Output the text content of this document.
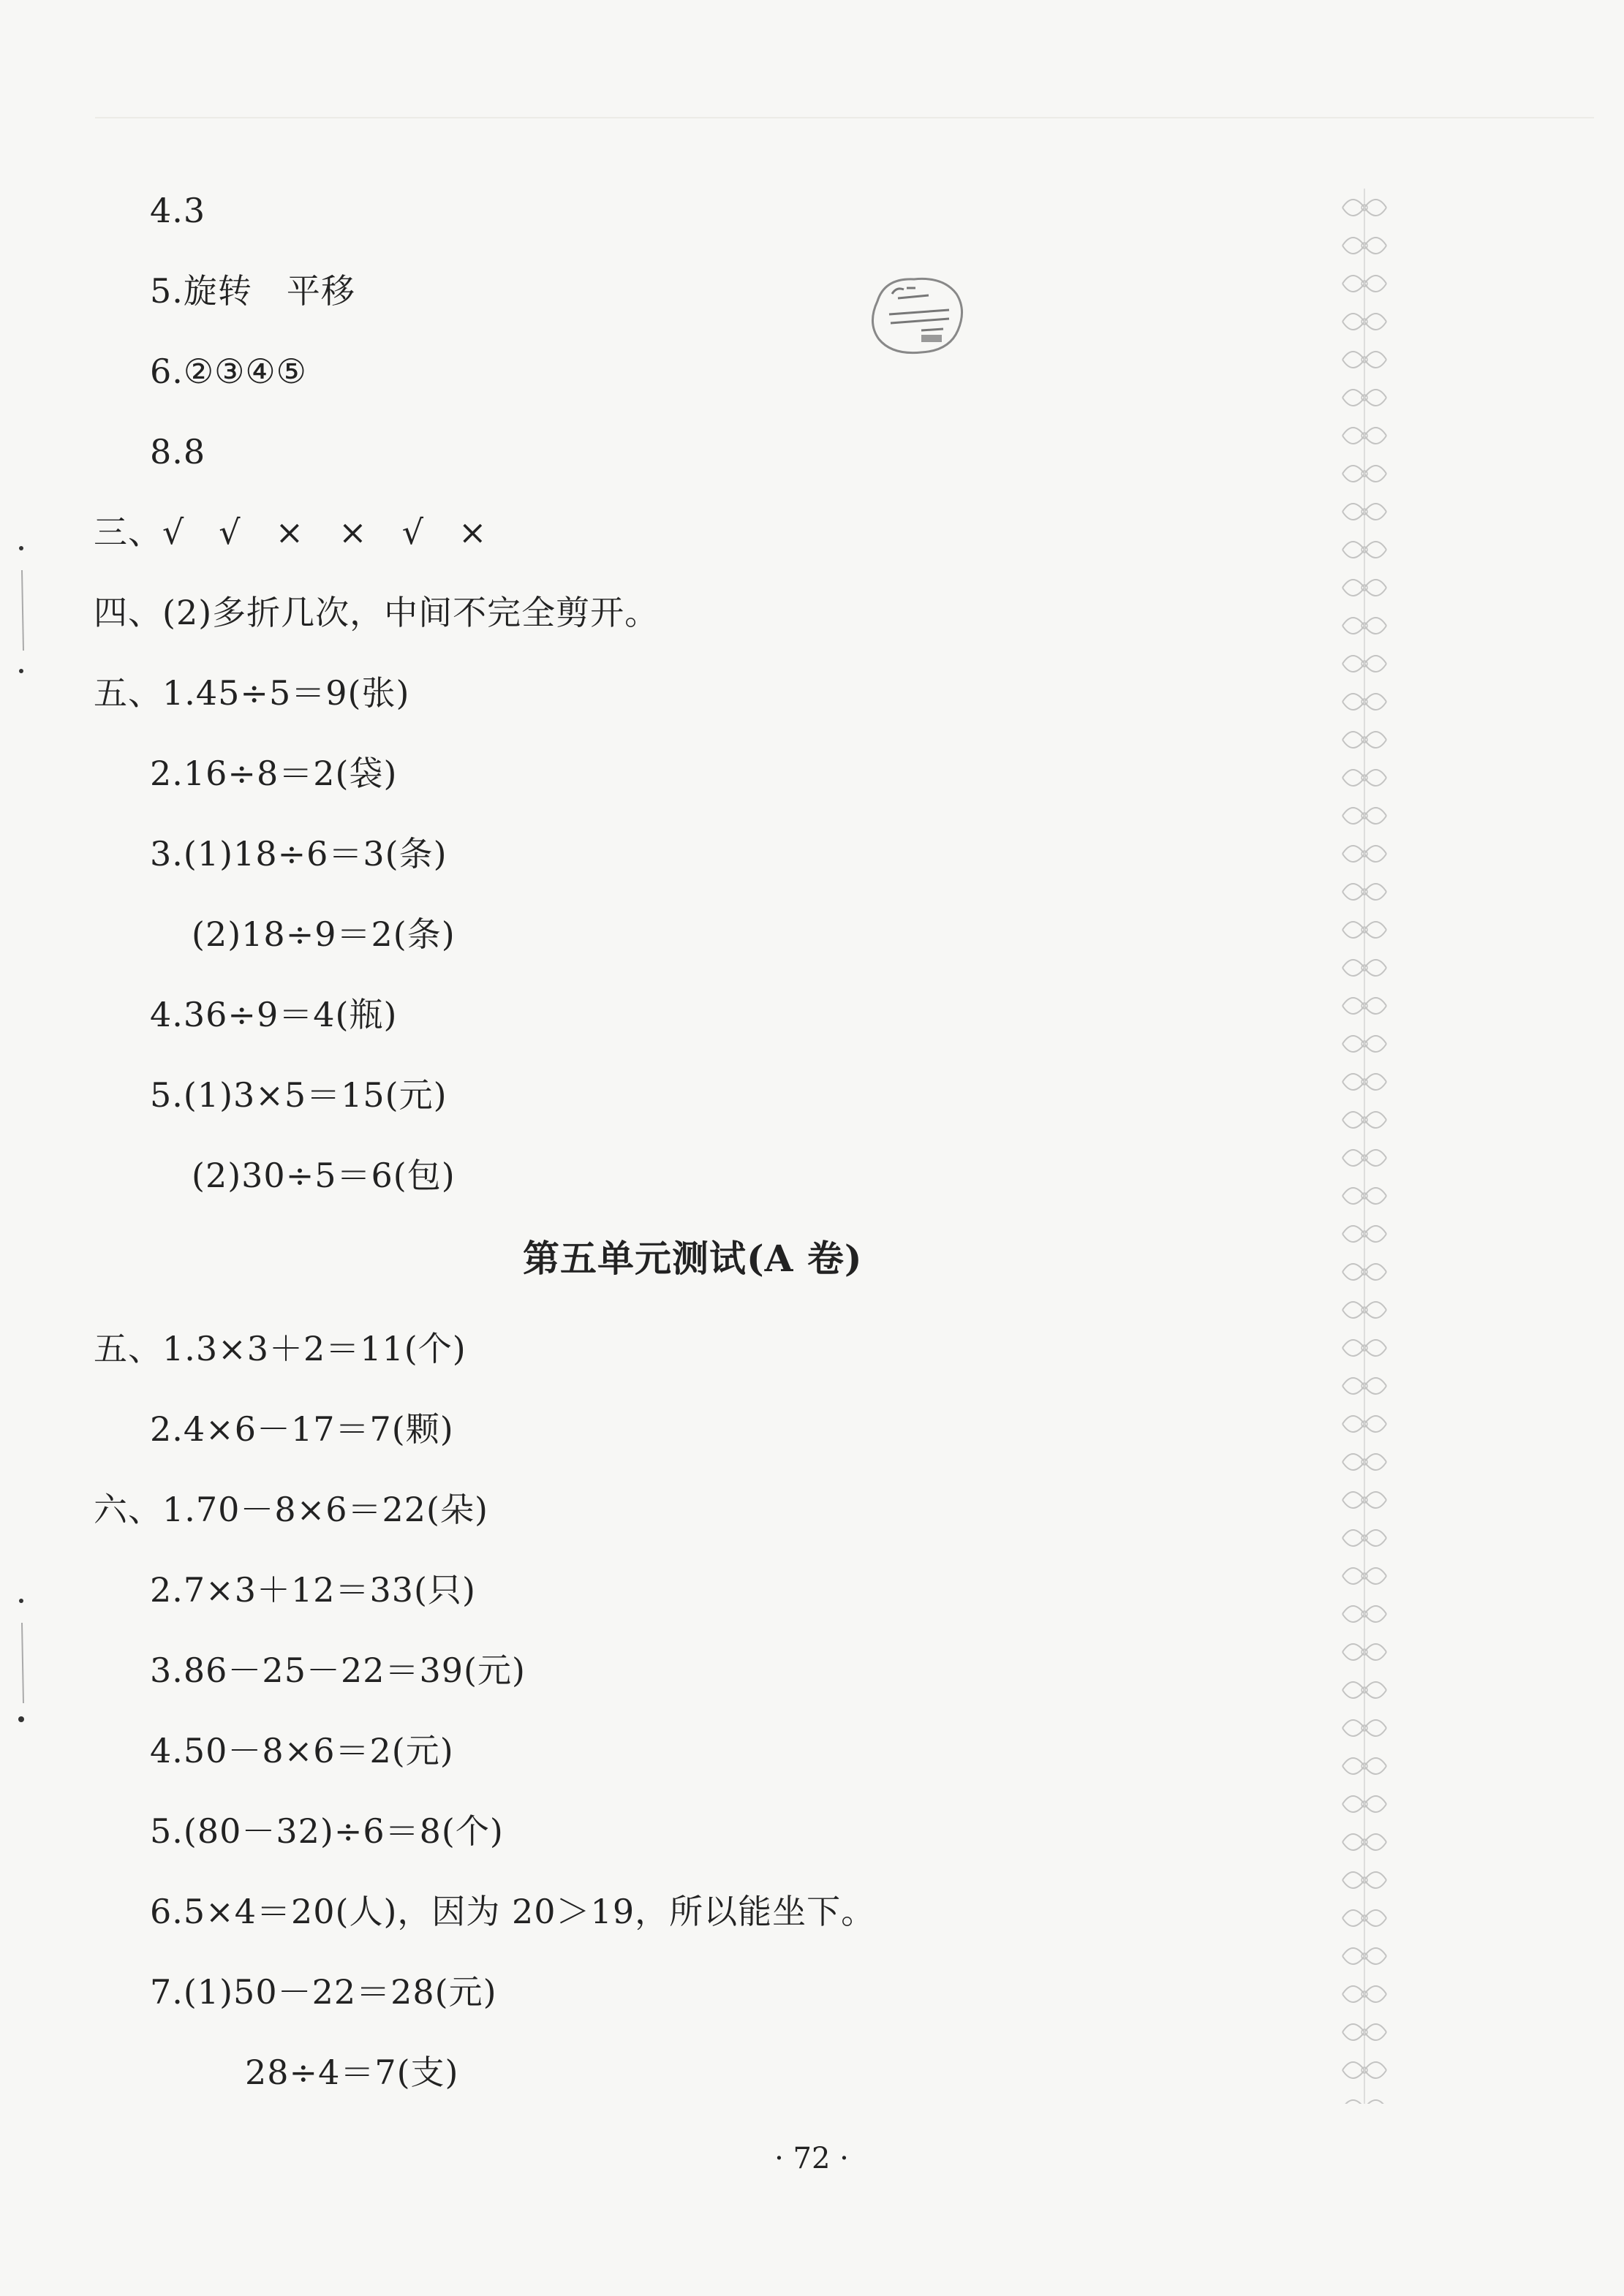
4.3
5.旋转　平移
6.②③④⑤
8.8
三、√　√　×　×　√　×
四、(2)多折几次，中间不完全剪开。
五、1.45÷5＝9(张)
2.16÷8＝2(袋)
3.(1)18÷6＝3(条)
(2)18÷9＝2(条)
4.36÷9＝4(瓶)
5.(1)3×5＝15(元)
(2)30÷5＝6(包)
第五单元测试(A 卷)
五、1.3×3＋2＝11(个)
2.4×6－17＝7(颗)
六、1.70－8×6＝22(朵)
2.7×3＋12＝33(只)
3.86－25－22＝39(元)
4.50－8×6＝2(元)
5.(80－32)÷6＝8(个)
6.5×4＝20(人)，因为 20＞19，所以能坐下。
7.(1)50－22＝28(元)
28÷4＝7(支)
· 72 ·
